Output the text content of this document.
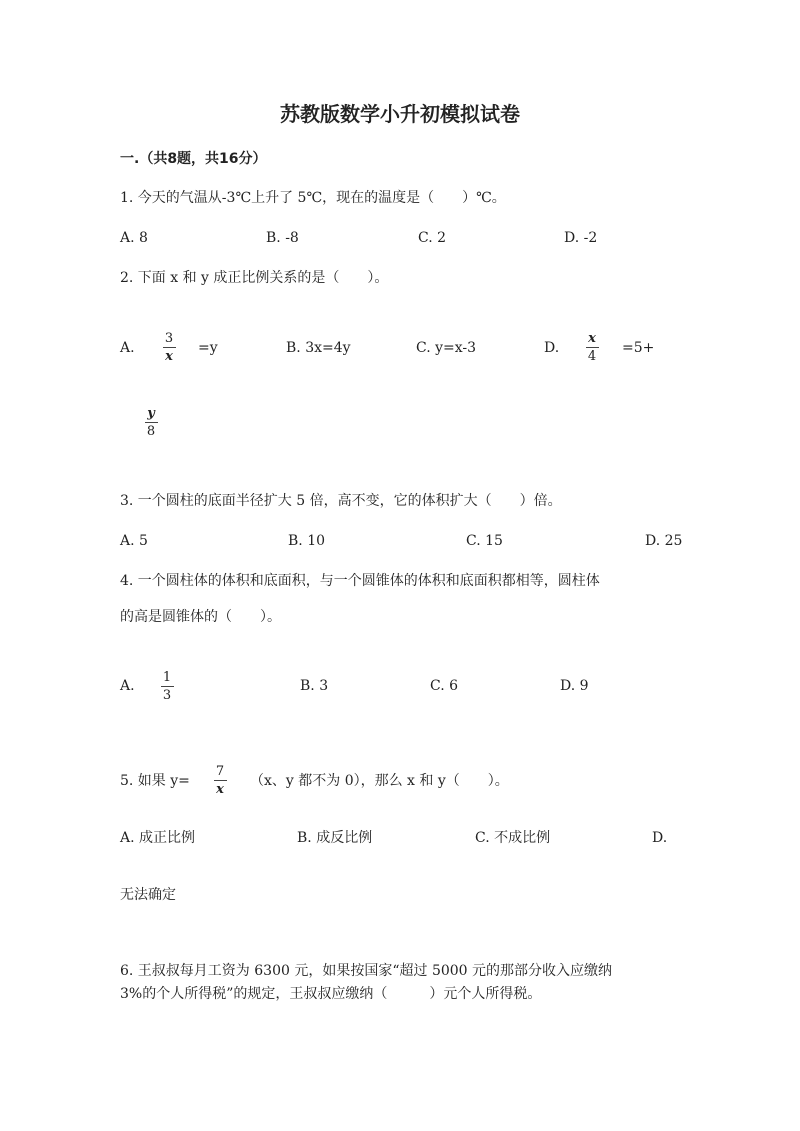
苏教版数学小升初模拟试卷
一.（共8题，共16分）
1. 今天的气温从-3℃上升了 5℃，现在的温度是（　　）℃。
A. 8	B. -8	C. 2	D. -2
2. 下面 x 和 y 成正比例关系的是（　　）。
A.
3
x
=y	B. 3x=4y	C. y=x-3	D.
x
4
=5+
y
8
3. 一个圆柱的底面半径扩大 5 倍，高不变，它的体积扩大（　　）倍。
A. 5	B. 10	C. 15	D. 25
4. 一个圆柱体的体积和底面积，与一个圆锥体的体积和底面积都相等，圆柱体
的高是圆锥体的（　　）。
A.
1
3
B. 3	C. 6	D. 9
5. 如果 y=
7
x
（x、y 都不为 0），那么 x 和 y（　　）。
A. 成正比例	B. 成反比例	C. 不成比例	D.
无法确定
6. 王叔叔每月工资为 6300 元，如果按国家“超过 5000 元的那部分收入应缴纳
3%的个人所得税”的规定，王叔叔应缴纳（　　　）元个人所得税。
